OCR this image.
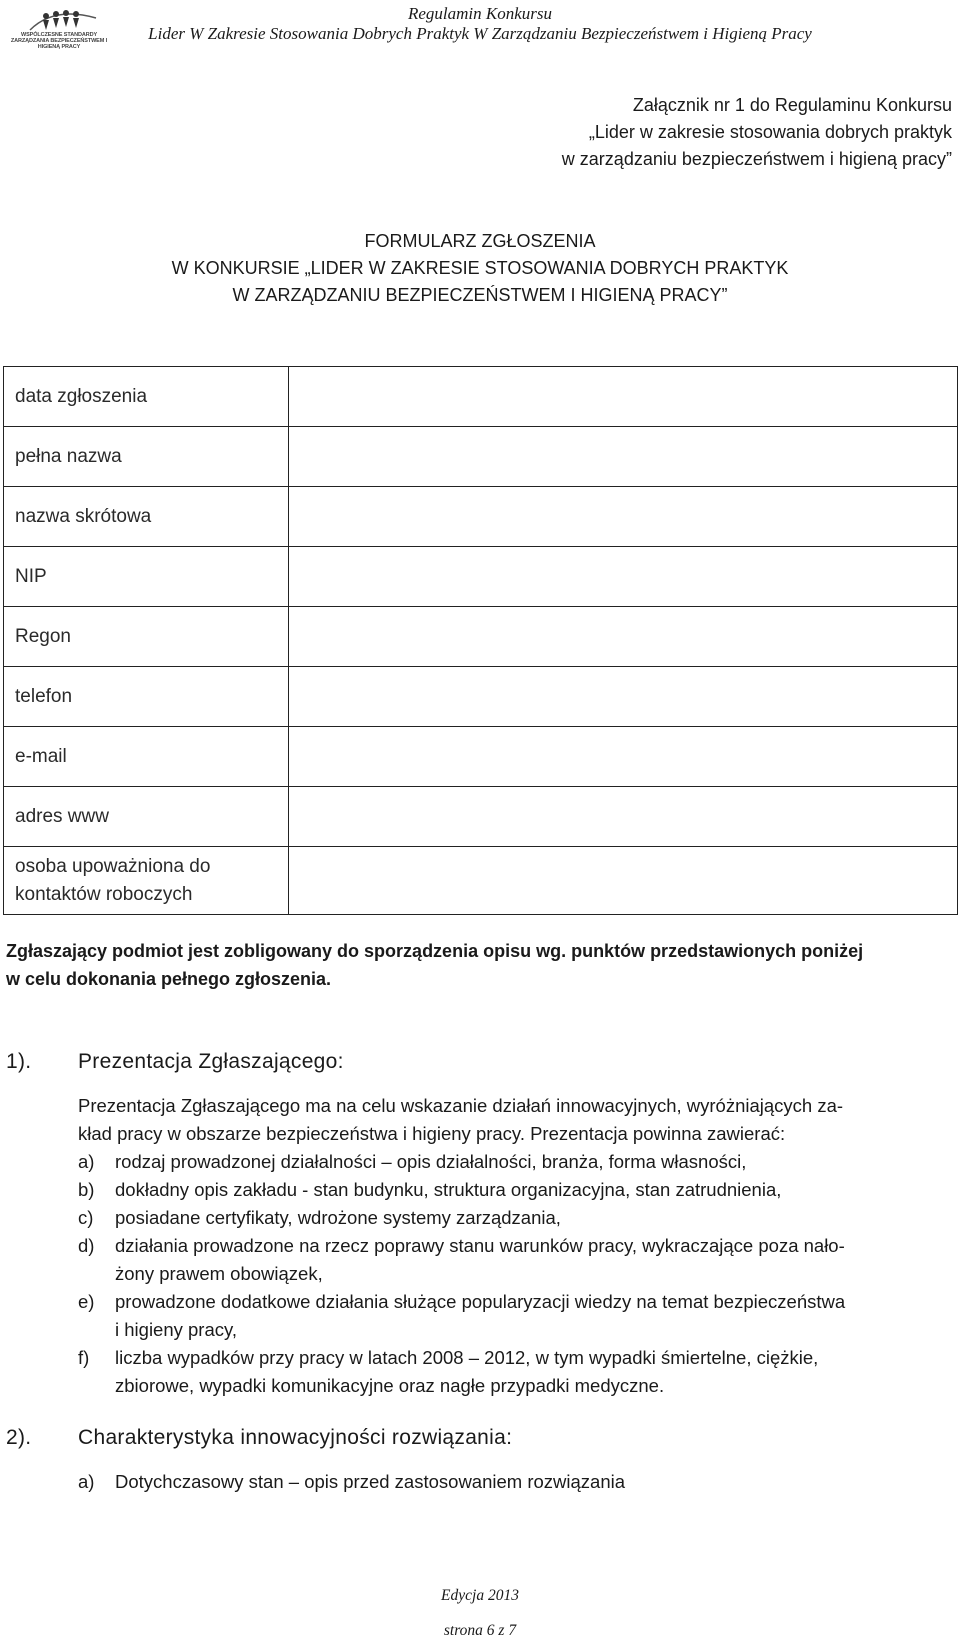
WSPÓLCZESNE STANDARDY ZARZĄDZANIA BEZPIECZEŃSTWEM I HIGIENĄ PRACY
Regulamin Konkursu
Lider W Zakresie Stosowania Dobrych Praktyk W Zarządzaniu Bezpieczeństwem i Higieną Pracy
Załącznik nr 1 do Regulaminu Konkursu
„Lider w zakresie stosowania dobrych praktyk
w zarządzaniu bezpieczeństwem i higieną pracy”
FORMULARZ ZGŁOSZENIA
W KONKURSIE „LIDER W ZAKRESIE STOSOWANIA DOBRYCH PRAKTYK
W ZARZĄDZANIU BEZPIECZEŃSTWEM I HIGIENĄ PRACY”
data zgłoszenia	
pełna nazwa	
nazwa skrótowa	
NIP	
Regon	
telefon	
e-mail	
adres www	

osoba upoważniona do
kontaktów roboczych	

Zgłaszający podmiot jest zobligowany do sporządzenia opisu wg. punktów przedstawionych poniżej
w celu dokonania pełnego zgłoszenia.
1). Prezentacja Zgłaszającego:
Prezentacja Zgłaszającego ma na celu wskazanie działań innowacyjnych, wyróżniających za-
kład pracy w obszarze bezpieczeństwa i higieny pracy. Prezentacja powinna zawierać:
a)	rodzaj prowadzonej działalności – opis działalności, branża, forma własności,
b)	dokładny opis zakładu - stan budynku, struktura organizacyjna, stan zatrudnienia,
c)	posiadane certyfikaty, wdrożone systemy zarządzania,
d)	działania prowadzone na rzecz poprawy stanu warunków pracy, wykraczające poza nało-
żony prawem obowiązek,
e)	prowadzone dodatkowe działania służące popularyzacji wiedzy na temat bezpieczeństwa
i higieny pracy,
f)	liczba wypadków przy pracy w latach 2008 – 2012, w tym wypadki śmiertelne, ciężkie,
zbiorowe, wypadki komunikacyjne oraz nagłe przypadki medyczne.
2). Charakterystyka innowacyjności rozwiązania:
a)	Dotychczasowy stan – opis przed zastosowaniem rozwiązania
Edycja 2013
strona 6 z 7
